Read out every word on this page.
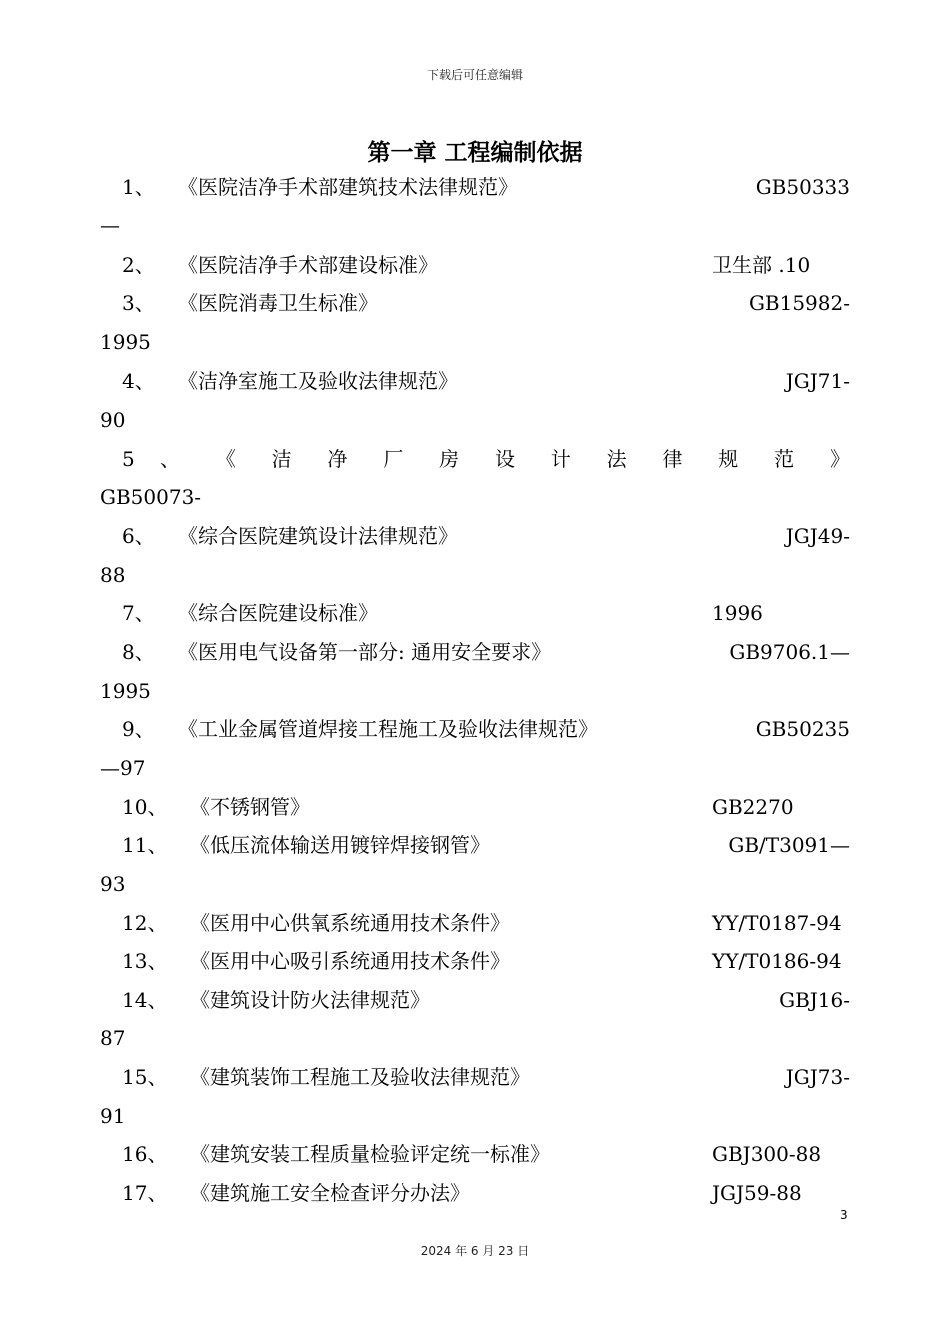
下载后可任意编辑
第一章 工程编制依据
1、 《医院洁净手术部建筑技术法律规范》	GB50333
—
2、 《医院洁净手术部建设标准》	卫生部 .10
3、 《医院消毒卫生标准》	GB15982-
1995
4、 《洁净室施工及验收法律规范》	JGJ71-
90
5 、 《 洁 净 厂 房 设 计 法 律 规 范 》
GB50073-
6、 《综合医院建筑设计法律规范》	JGJ49-
88
7、 《综合医院建设标准》	1996
8、 《医用电气设备第一部分: 通用安全要求》	GB9706.1—
1995
9、 《工业金属管道焊接工程施工及验收法律规范》	GB50235
—97
10、 《不锈钢管》	GB2270
11、 《低压流体输送用镀锌焊接钢管》	GB/T3091—
93
12、 《医用中心供氧系统通用技术条件》	YY/T0187-94
13、 《医用中心吸引系统通用技术条件》	YY/T0186-94
14、 《建筑设计防火法律规范》	GBJ16-
87
15、 《建筑装饰工程施工及验收法律规范》	JGJ73-
91
16、 《建筑安装工程质量检验评定统一标准》	GBJ300-88
17、 《建筑施工安全检查评分办法》	JGJ59-88
3
2024 年 6 月 23 日
